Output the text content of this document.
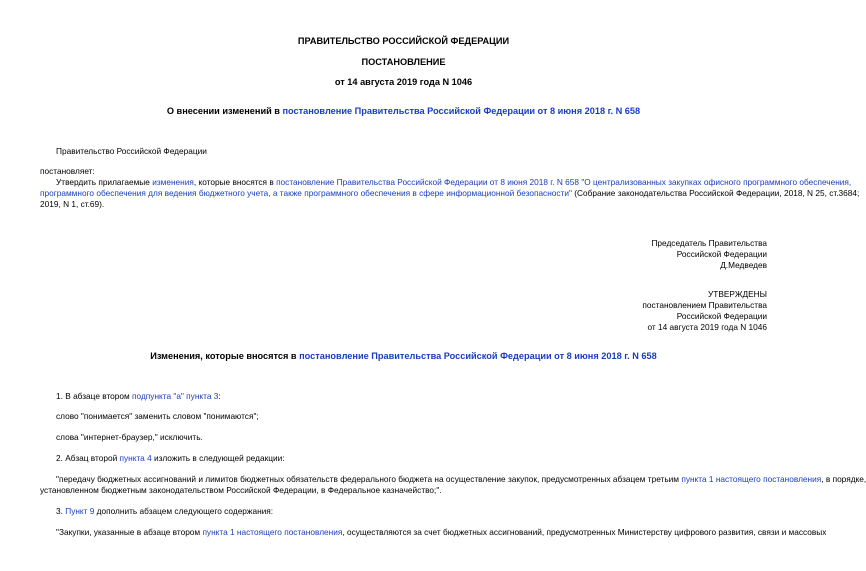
ПРАВИТЕЛЬСТВО РОССИЙСКОЙ ФЕДЕРАЦИИ
ПОСТАНОВЛЕНИЕ
от 14 августа 2019 года N 1046
О внесении изменений в постановление Правительства Российской Федерации от 8 июня 2018 г. N 658
Правительство Российской Федерации
постановляет:
Утвердить прилагаемые изменения, которые вносятся в постановление Правительства Российской Федерации от 8 июня 2018 г. N 658 "О централизованных закупках офисного программного обеспечения,
программного обеспечения для ведения бюджетного учета, а также программного обеспечения в сфере информационной безопасности" (Собрание законодательства Российской Федерации, 2018, N 25, ст.3684;
2019, N 1, ст.69).
Председатель Правительства
Российской Федерации
Д.Медведев
УТВЕРЖДЕНЫ
постановлением Правительства
Российской Федерации
от 14 августа 2019 года N 1046
Изменения, которые вносятся в постановление Правительства Российской Федерации от 8 июня 2018 г. N 658
1. В абзаце втором подпункта "а" пункта 3:
слово "понимается" заменить словом "понимаются";
слова "интернет-браузер," исключить.
2. Абзац второй пункта 4 изложить в следующей редакции:
"передачу бюджетных ассигнований и лимитов бюджетных обязательств федерального бюджета на осуществление закупок, предусмотренных абзацем третьим пункта 1 настоящего постановления, в порядке,
установленном бюджетным законодательством Российской Федерации, в Федеральное казначейство;".
3. Пункт 9 дополнить абзацем следующего содержания:
"Закупки, указанные в абзаце втором пункта 1 настоящего постановления, осуществляются за счет бюджетных ассигнований, предусмотренных Министерству цифрового развития, связи и массовых
